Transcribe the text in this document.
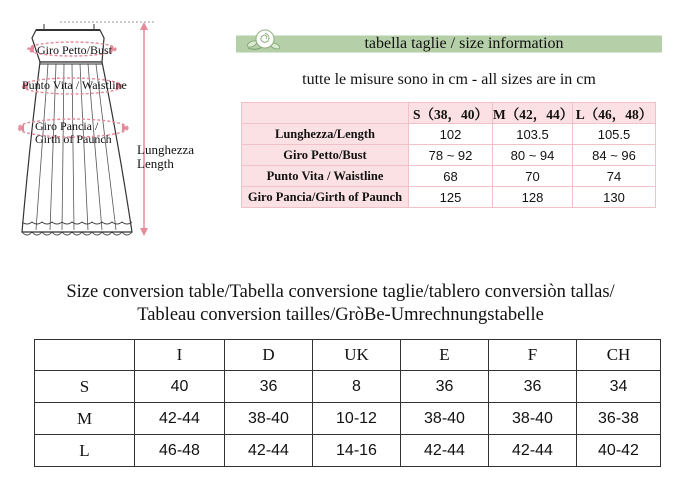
Giro Petto/Bust
Punto Vita / Waistline
Giro Pancia /
Girth of Paunch
Lunghezza
Length
tabella taglie / size information
tutte le misure sono in cm - all sizes are in cm
	S（38，40）	M（42，44）	L（46，48）
Lunghezza/Length	102	103.5	105.5
Giro Petto/Bust	78 ~ 92	80 ~ 94	84 ~ 96
Punto Vita / Waistline	68	70	74
Giro Pancia/Girth of Paunch	125	128	130
Size conversion table/Tabella conversione taglie/tablero conversiòn tallas/
Tableau conversion tailles/GròBe-Umrechnungstabelle
	I	D	UK	E	F	CH
S	40	36	8	36	36	34
M	42-44	38-40	10-12	38-40	38-40	36-38
L	46-48	42-44	14-16	42-44	42-44	40-42
